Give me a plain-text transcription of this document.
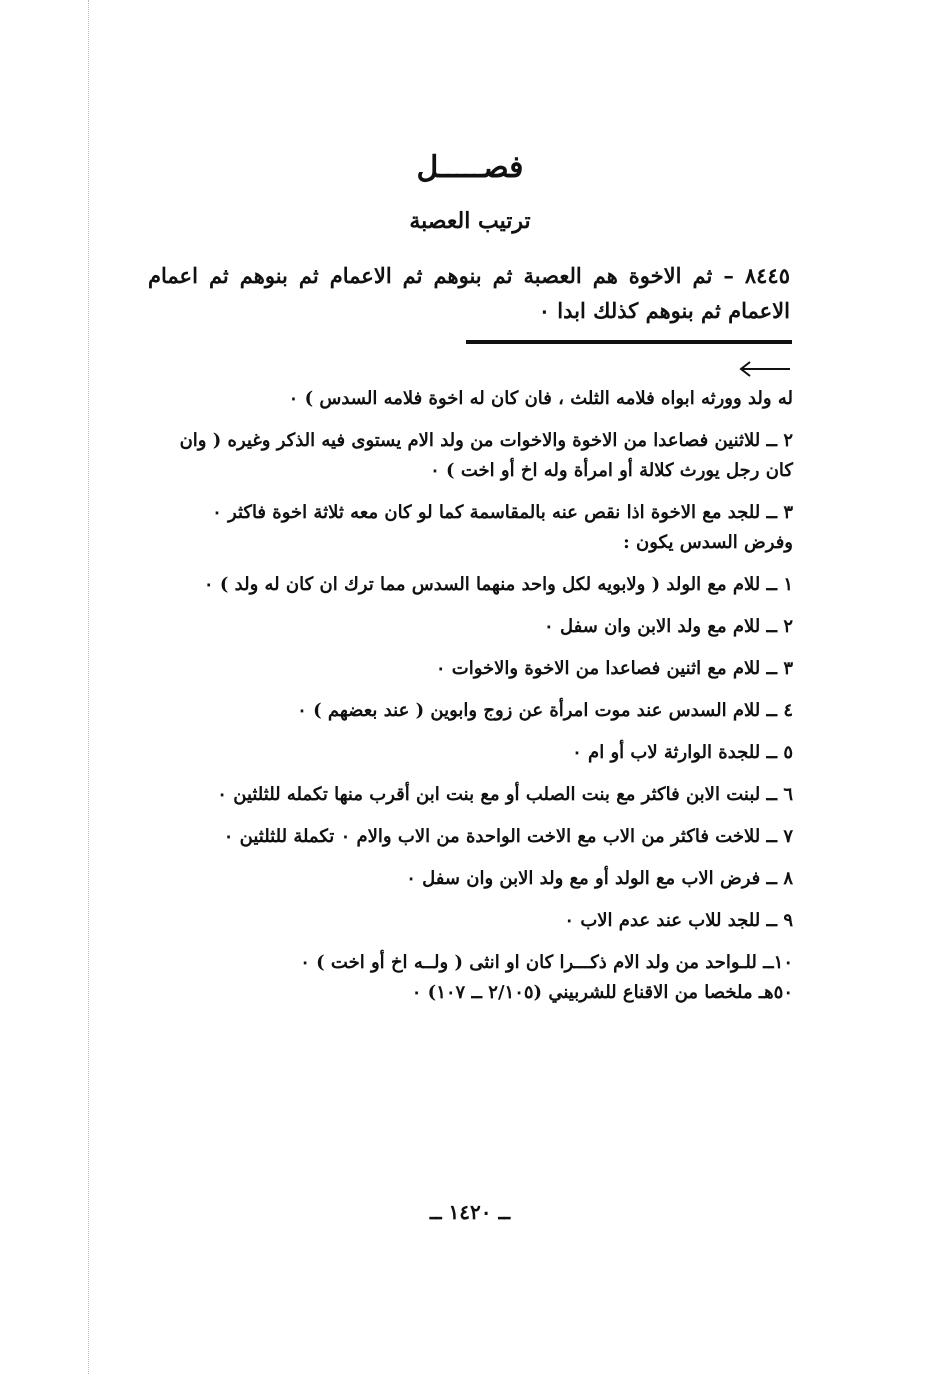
فصـــــل
ترتيب العصبة
٨٤٤٥ – ثم الاخوة هم العصبة ثم بنوهم ثم الاعمام ثم بنوهم ثم اعمام الاعمام ثم بنوهم كذلك ابدا ٠
له ولد وورثه ابواه فلامه الثلث ، فان كان له اخوة فلامه السدس ) ٠
٢ ــ للاثنين فصاعدا من الاخوة والاخوات من ولد الام يستوى فيه الذكر وغيره ( وان كان رجل يورث كلالة أو امرأة وله اخ أو اخت ) ٠
٣ ــ للجد مع الاخوة اذا نقص عنه بالمقاسمة كما لو كان معه ثلاثة اخوة فاكثر ٠
وفرض السدس يكون :
١ ــ للام مع الولد ( ولابويه لكل واحد منهما السدس مما ترك ان كان له ولد ) ٠
٢ ــ للام مع ولد الابن وان سفل ٠
٣ ــ للام مع اثنين فصاعدا من الاخوة والاخوات ٠
٤ ــ للام السدس عند موت امرأة عن زوج وابوين ( عند بعضهم ) ٠
٥ ــ للجدة الوارثة لاب أو ام ٠
٦ ــ لبنت الابن فاكثر مع بنت الصلب أو مع بنت ابن أقرب منها تكمله للثلثين ٠
٧ ــ للاخت فاكثر من الاب مع الاخت الواحدة من الاب والام ٠ تكملة للثلثين ٠
٨ ــ فرض الاب مع الولد أو مع ولد الابن وان سفل ٠
٩ ــ للجد للاب عند عدم الاب ٠
١٠ــ للـواحد من ولد الام ذكـــرا كان او انثى ( ولــه اخ أو اخت ) ٠
٥٠هـ ملخصا من الاقناع للشربيني (٢/١٠٥ ــ ١٠٧) ٠
ــ ١٤٢٠ ــ
